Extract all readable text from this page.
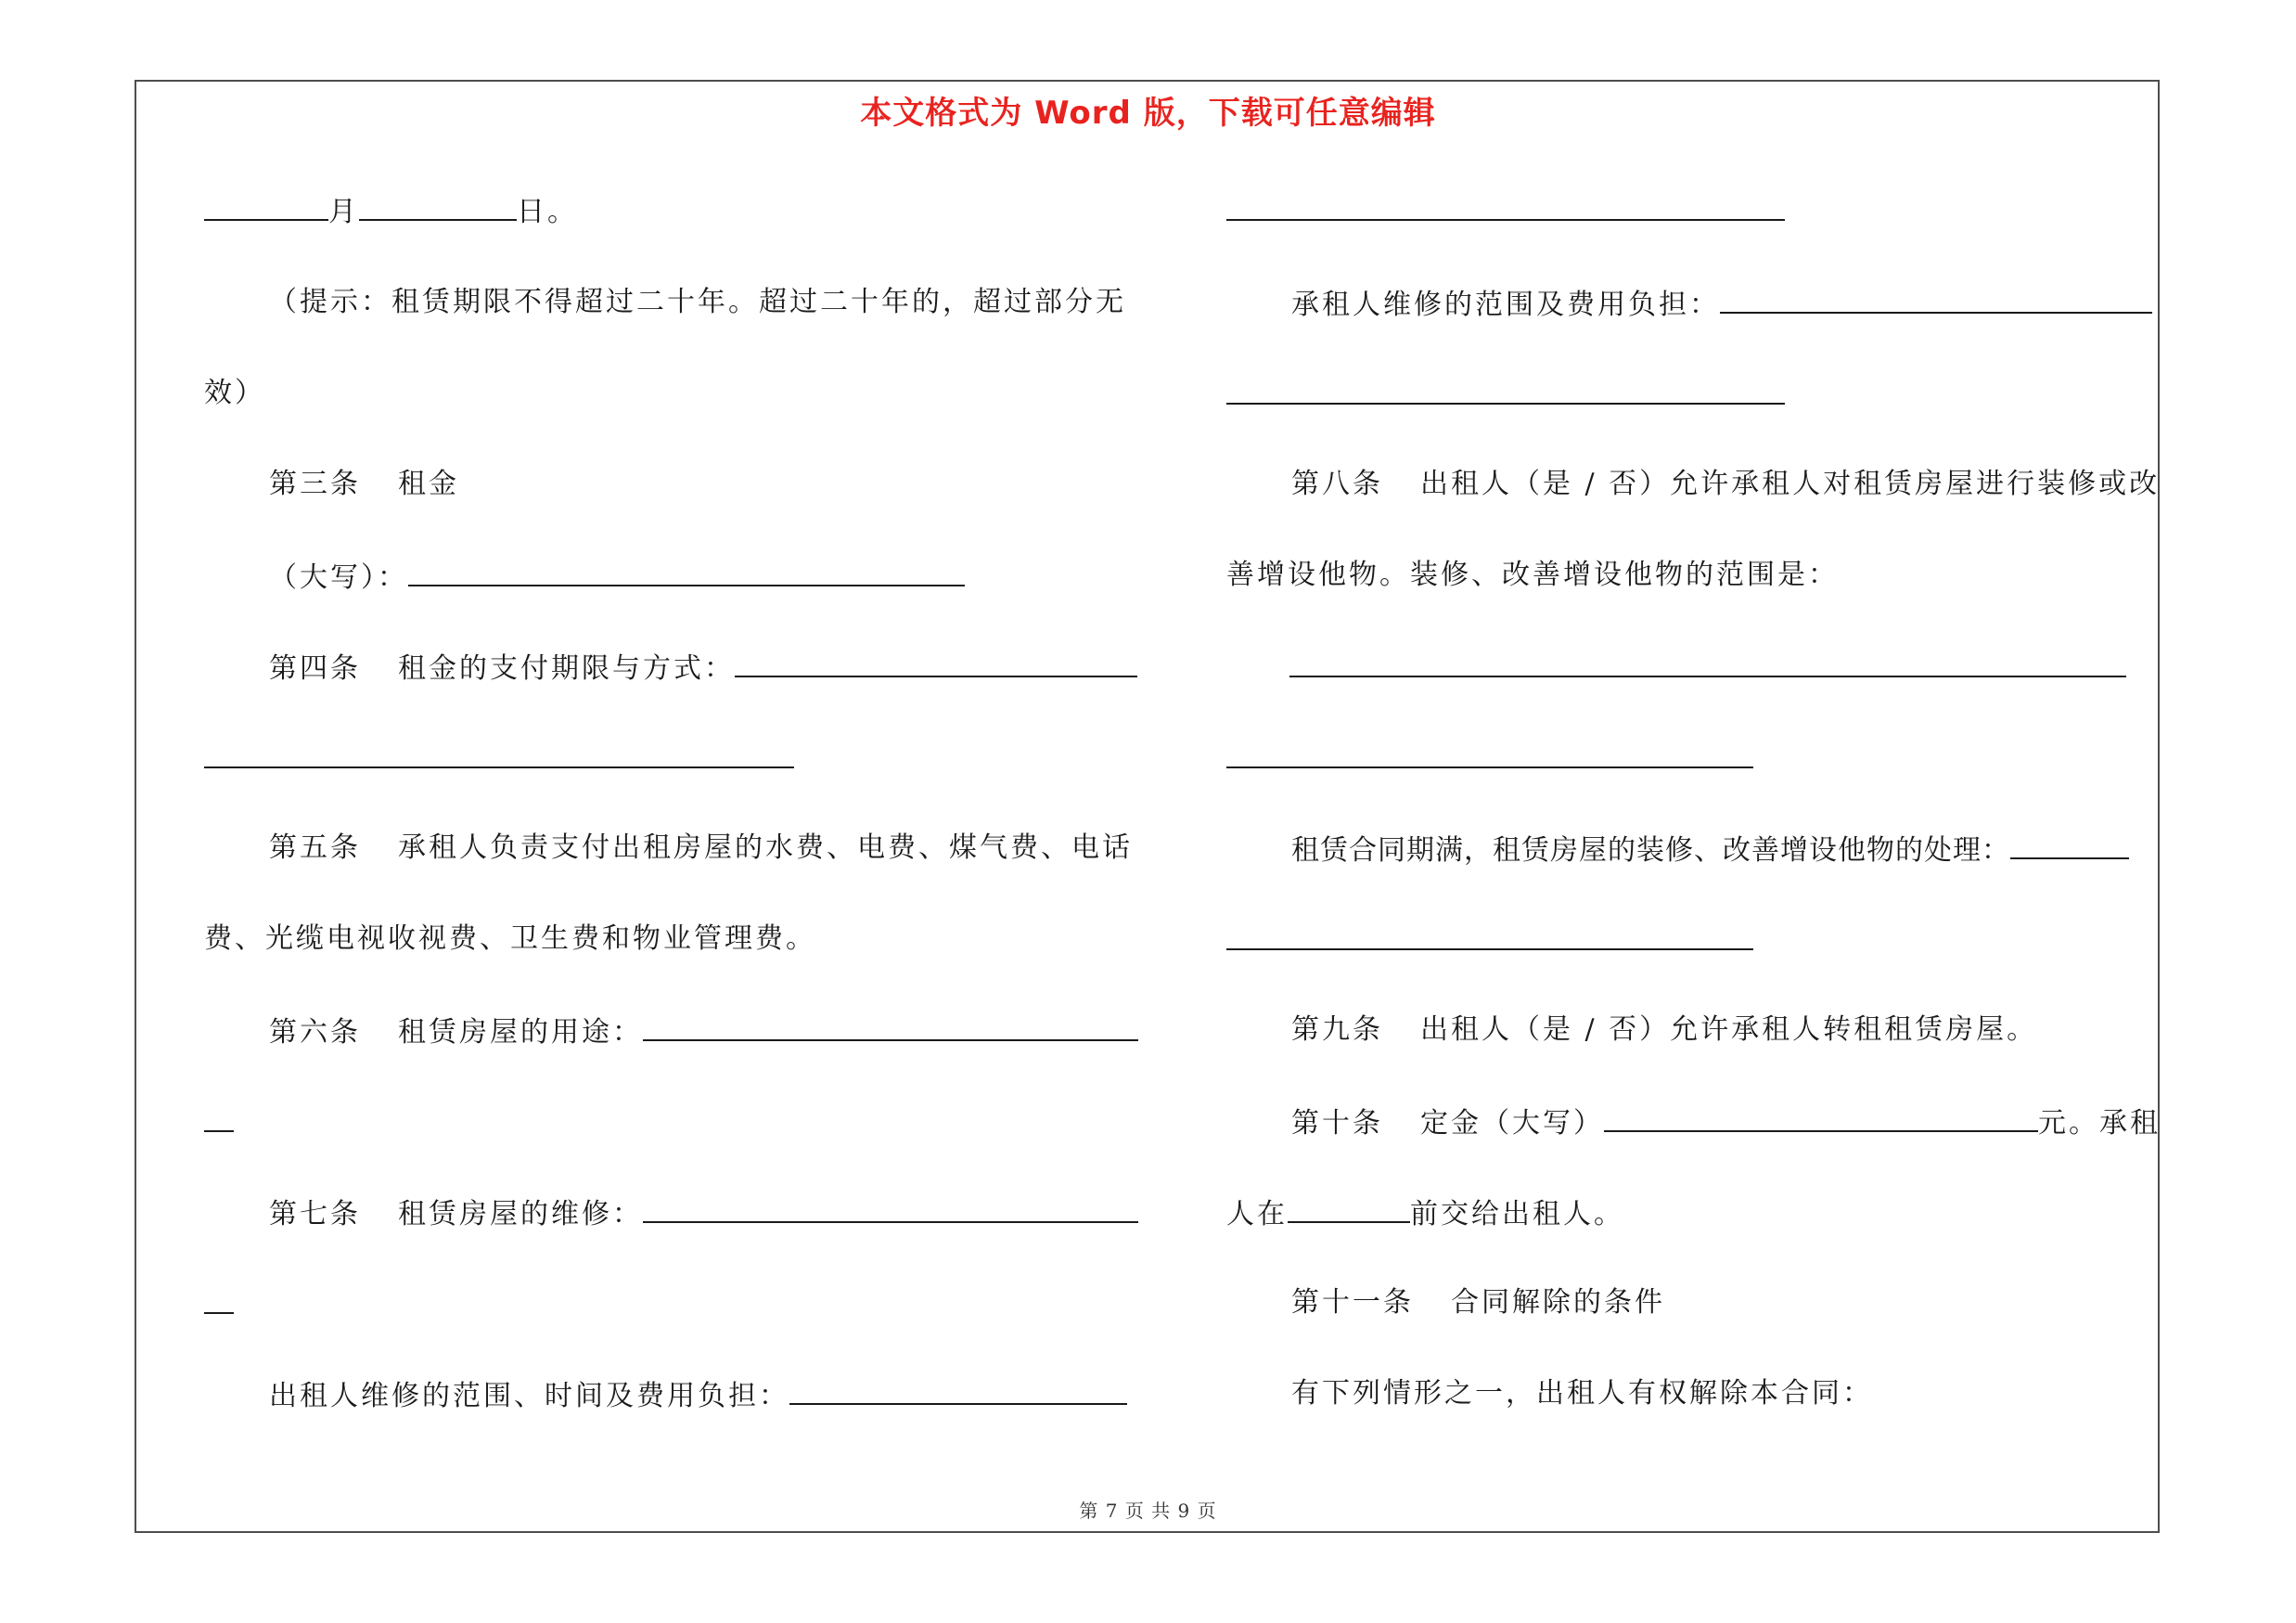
本文格式为 Word 版，下载可任意编辑
月	日。
（提示：租赁期限不得超过二十年。超过二十年的，超过部分无
效）
第三条 租金
（大写）：
第四条 租金的支付期限与方式：
第五条 承租人负责支付出租房屋的水费、电费、煤气费、电话
费、光缆电视收视费、卫生费和物业管理费。
第六条 租赁房屋的用途：
第七条 租赁房屋的维修：
出租人维修的范围、时间及费用负担：
承租人维修的范围及费用负担：
第八条 出租人（是 / 否）允许承租人对租赁房屋进行装修或改
善增设他物。装修、改善增设他物的范围是：
租赁合同期满，租赁房屋的装修、改善增设他物的处理：
第九条 出租人（是 / 否）允许承租人转租租赁房屋。
第十条 定金（大写）	元。承租
人在	前交给出租人。
第十一条 合同解除的条件
有下列情形之一，出租人有权解除本合同：
第 7 页 共 9 页
